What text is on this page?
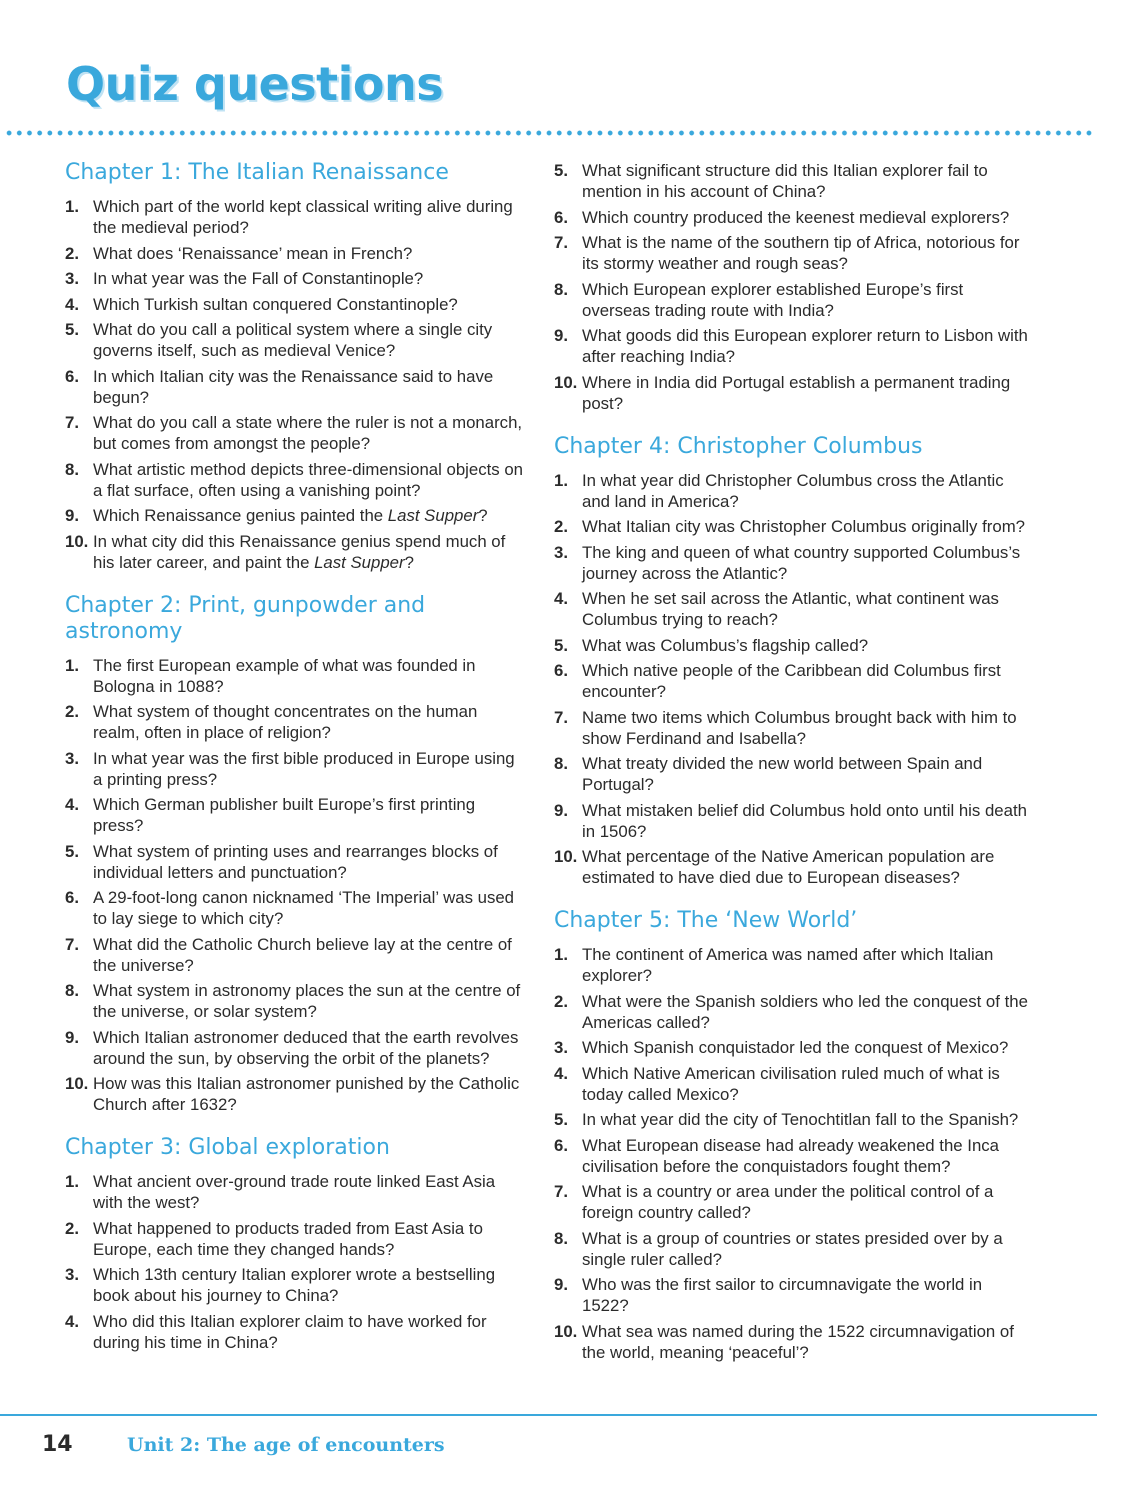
Quiz questions
Chapter 1: The Italian Renaissance
1. Which part of the world kept classical writing alive during the medieval period?
2. What does ‘Renaissance’ mean in French?
3. In what year was the Fall of Constantinople?
4. Which Turkish sultan conquered Constantinople?
5. What do you call a political system where a single city governs itself, such as medieval Venice?
6. In which Italian city was the Renaissance said to have begun?
7. What do you call a state where the ruler is not a monarch, but comes from amongst the people?
8. What artistic method depicts three-dimensional objects on a flat surface, often using a vanishing point?
9. Which Renaissance genius painted the Last Supper?
10. In what city did this Renaissance genius spend much of his later career, and paint the Last Supper?
Chapter 2: Print, gunpowder and astronomy
1. The first European example of what was founded in Bologna in 1088?
2. What system of thought concentrates on the human realm, often in place of religion?
3. In what year was the first bible produced in Europe using a printing press?
4. Which German publisher built Europe’s first printing press?
5. What system of printing uses and rearranges blocks of individual letters and punctuation?
6. A 29-foot-long canon nicknamed ‘The Imperial’ was used to lay siege to which city?
7. What did the Catholic Church believe lay at the centre of the universe?
8. What system in astronomy places the sun at the centre of the universe, or solar system?
9. Which Italian astronomer deduced that the earth revolves around the sun, by observing the orbit of the planets?
10. How was this Italian astronomer punished by the Catholic Church after 1632?
Chapter 3: Global exploration
1. What ancient over-ground trade route linked East Asia with the west?
2. What happened to products traded from East Asia to Europe, each time they changed hands?
3. Which 13th century Italian explorer wrote a bestselling book about his journey to China?
4. Who did this Italian explorer claim to have worked for during his time in China?
5. What significant structure did this Italian explorer fail to mention in his account of China?
6. Which country produced the keenest medieval explorers?
7. What is the name of the southern tip of Africa, notorious for its stormy weather and rough seas?
8. Which European explorer established Europe’s first overseas trading route with India?
9. What goods did this European explorer return to Lisbon with after reaching India?
10. Where in India did Portugal establish a permanent trading post?
Chapter 4: Christopher Columbus
1. In what year did Christopher Columbus cross the Atlantic and land in America?
2. What Italian city was Christopher Columbus originally from?
3. The king and queen of what country supported Columbus’s journey across the Atlantic?
4. When he set sail across the Atlantic, what continent was Columbus trying to reach?
5. What was Columbus’s flagship called?
6. Which native people of the Caribbean did Columbus first encounter?
7. Name two items which Columbus brought back with him to show Ferdinand and Isabella?
8. What treaty divided the new world between Spain and Portugal?
9. What mistaken belief did Columbus hold onto until his death in 1506?
10. What percentage of the Native American population are estimated to have died due to European diseases?
Chapter 5: The ‘New World’
1. The continent of America was named after which Italian explorer?
2. What were the Spanish soldiers who led the conquest of the Americas called?
3. Which Spanish conquistador led the conquest of Mexico?
4. Which Native American civilisation ruled much of what is today called Mexico?
5. In what year did the city of Tenochtitlan fall to the Spanish?
6. What European disease had already weakened the Inca civilisation before the conquistadors fought them?
7. What is a country or area under the political control of a foreign country called?
8. What is a group of countries or states presided over by a single ruler called?
9. Who was the first sailor to circumnavigate the world in 1522?
10. What sea was named during the 1522 circumnavigation of the world, meaning ‘peaceful’?
14	Unit 2: The age of encounters
